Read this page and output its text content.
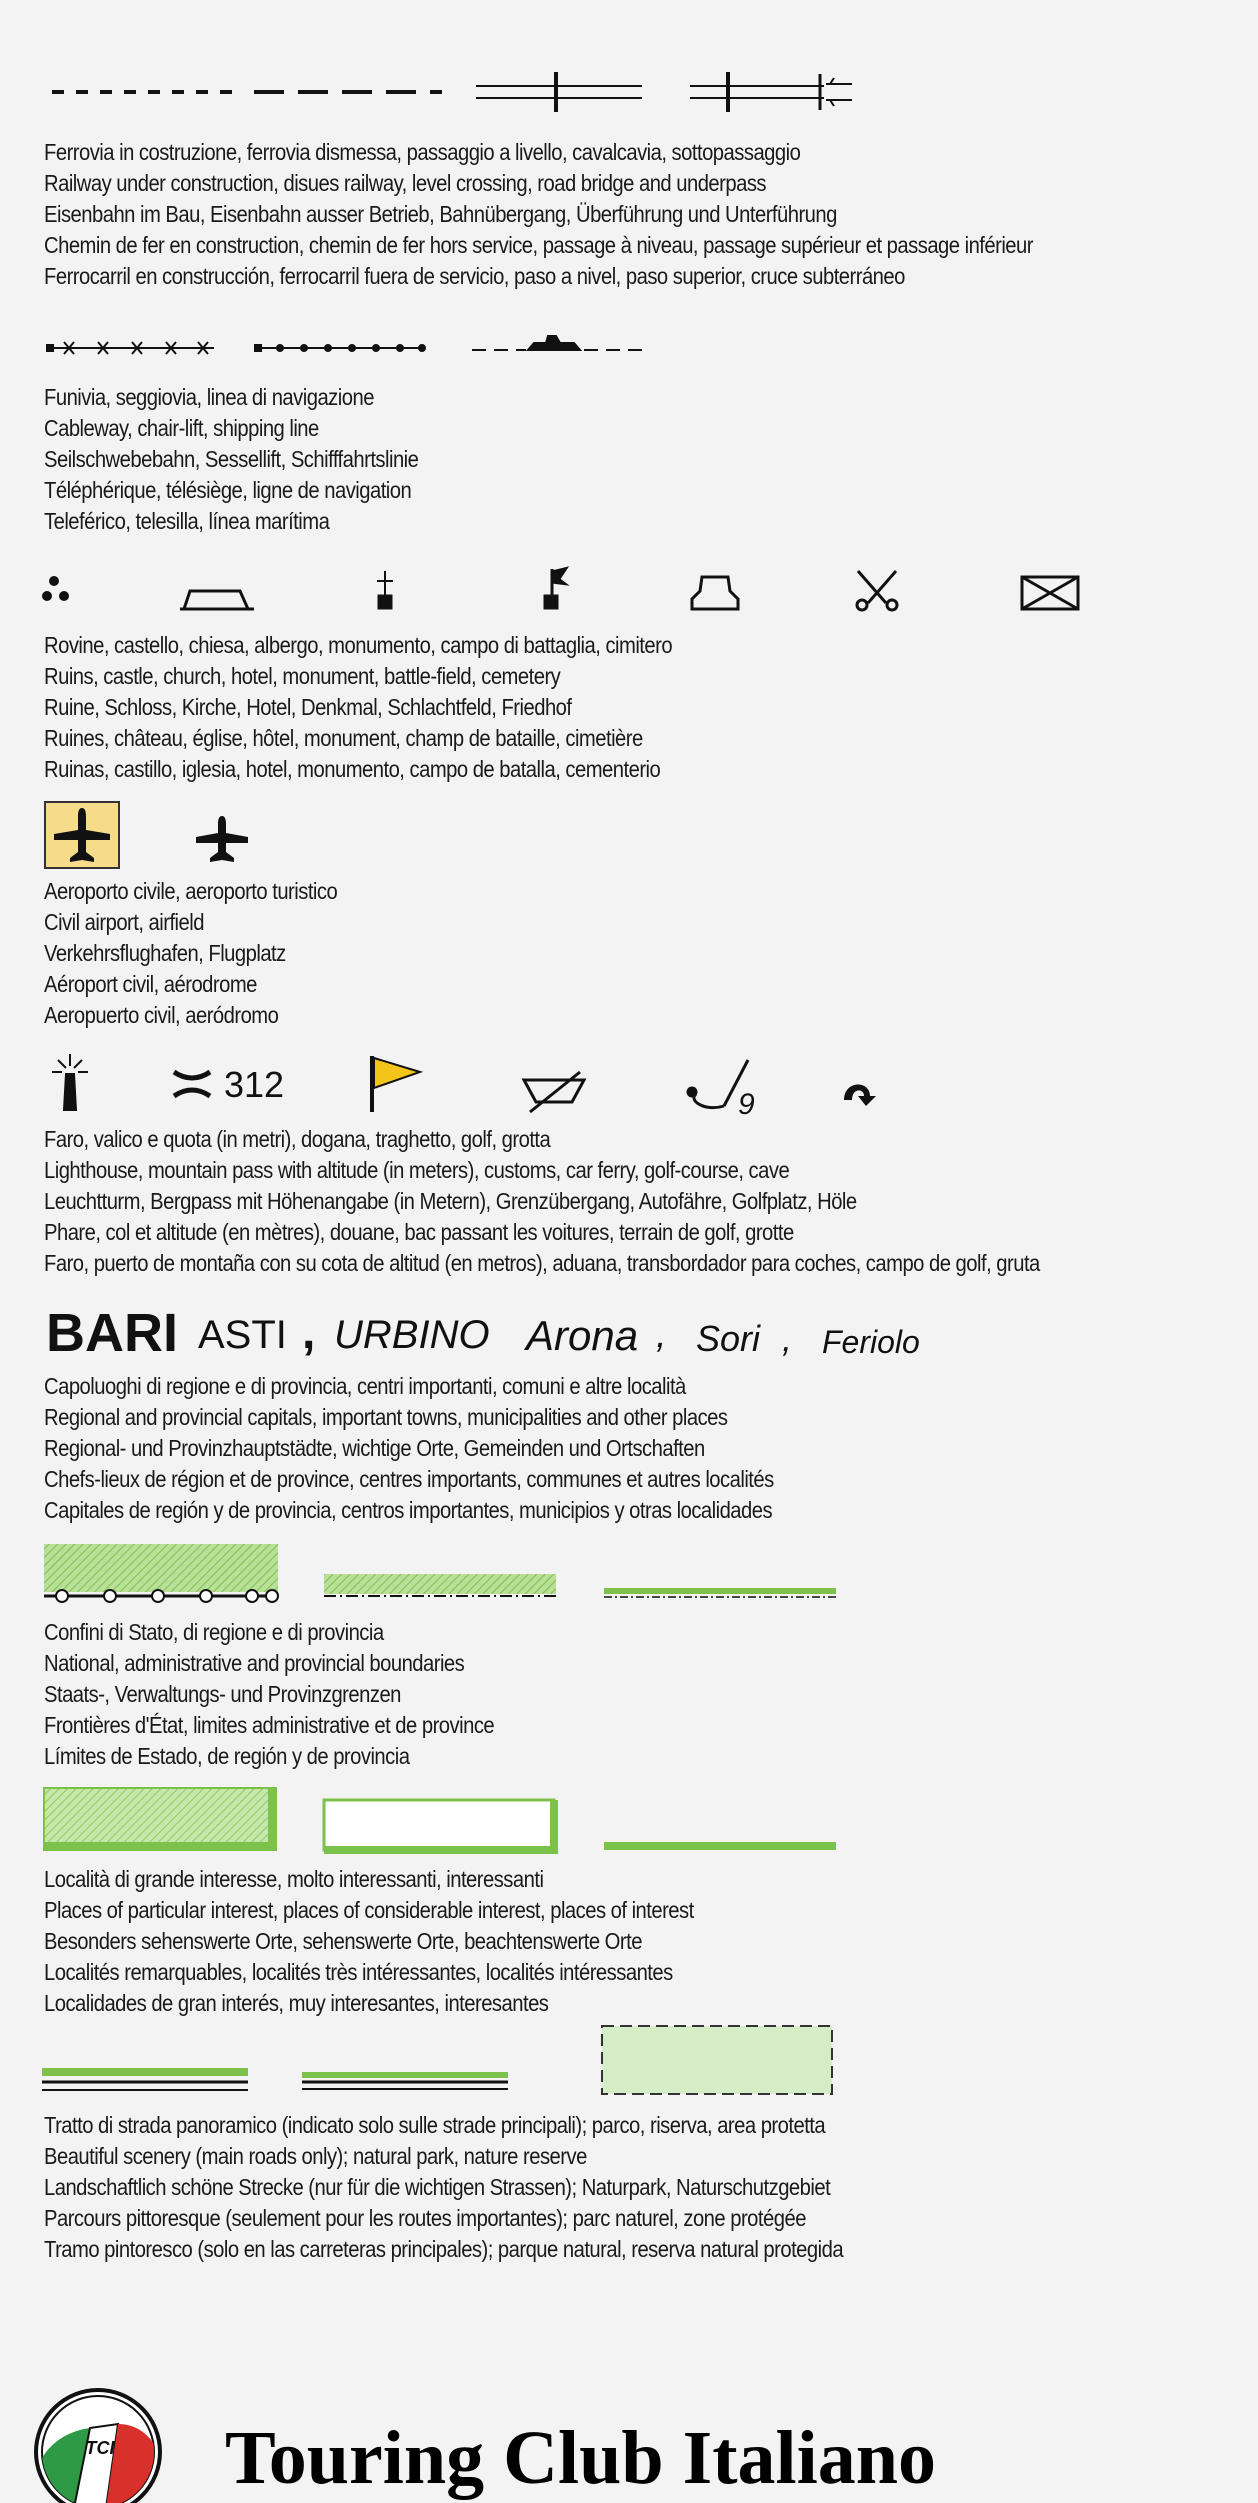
Ferrovia in costruzione, ferrovia dismessa, passaggio a livello, cavalcavia, sottopassaggio
Railway under construction, disues railway, level crossing, road bridge and underpass
Eisenbahn im Bau, Eisenbahn ausser Betrieb, Bahnübergang, Überführung und Unterführung
Chemin de fer en construction, chemin de fer hors service, passage à niveau, passage supérieur et passage inférieur
Ferrocarril en construcción, ferrocarril fuera de servicio, paso a nivel, paso superior, cruce subterráneo
Funivia, seggiovia, linea di navigazione
Cableway, chair-lift, shipping line
Seilschwebebahn, Sessellift, Schifffahrtslinie
Téléphérique, télésiège, ligne de navigation
Teleférico, telesilla, línea marítima
Rovine, castello, chiesa, albergo, monumento, campo di battaglia, cimitero
Ruins, castle, church, hotel, monument, battle-field, cemetery
Ruine, Schloss, Kirche, Hotel, Denkmal, Schlachtfeld, Friedhof
Ruines, château, église, hôtel, monument, champ de bataille, cimetière
Ruinas, castillo, iglesia, hotel, monumento, campo de batalla, cementerio
Aeroporto civile, aeroporto turistico
Civil airport, airfield
Verkehrsflughafen, Flugplatz
Aéroport civil, aérodrome
Aeropuerto civil, aeródromo
312	9
Faro, valico e quota (in metri), dogana, traghetto, golf, grotta
Lighthouse, mountain pass with altitude (in meters), customs, car ferry, golf-course, cave
Leuchtturm, Bergpass mit Höhenangabe (in Metern), Grenzübergang, Autofähre, Golfplatz, Höle
Phare, col et altitude (en mètres), douane, bac passant les voitures, terrain de golf, grotte
Faro, puerto de montaña con su cota de altitud (en metros), aduana, transbordador para coches, campo de golf, gruta
BARI ASTI , URBINO Arona , Sori , Feriolo
Capoluoghi di regione e di provincia, centri importanti, comuni e altre località
Regional and provincial capitals, important towns, municipalities and other places
Regional- und Provinzhauptstädte, wichtige Orte, Gemeinden und Ortschaften
Chefs-lieux de région et de province, centres importants, communes et autres localités
Capitales de región y de provincia, centros importantes, municipios y otras localidades
Confini di Stato, di regione e di provincia
National, administrative and provincial boundaries
Staats-, Verwaltungs- und Provinzgrenzen
Frontières d'État, limites administrative et de province
Límites de Estado, de región y de provincia
Località di grande interesse, molto interessanti, interessanti
Places of particular interest, places of considerable interest, places of interest
Besonders sehenswerte Orte, sehenswerte Orte, beachtenswerte Orte
Localités remarquables, localités très intéressantes, localités intéressantes
Localidades de gran interés, muy interesantes, interesantes
Tratto di strada panoramico (indicato solo sulle strade principali); parco, riserva, area protetta
Beautiful scenery (main roads only); natural park, nature reserve
Landschaftlich schöne Strecke (nur für die wichtigen Strassen); Naturpark, Naturschutzgebiet
Parcours pittoresque (seulement pour les routes importantes); parc naturel, zone protégée
Tramo pintoresco (solo en las carreteras principales); parque natural, reserva natural protegida
TCI Touring Club Italiano
